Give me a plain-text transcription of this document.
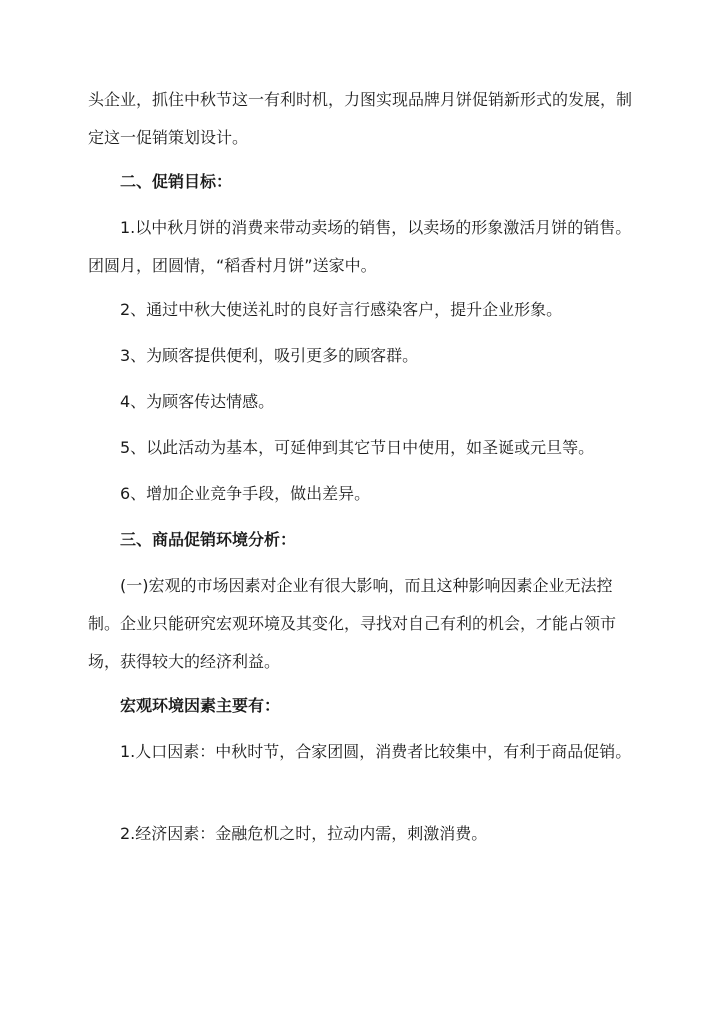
头企业，抓住中秋节这一有利时机，力图实现品牌月饼促销新形式的发展，制定这一促销策划设计。
二、促销目标：
1.以中秋月饼的消费来带动卖场的销售，以卖场的形象激活月饼的销售。团圆月，团圆情，“稻香村月饼”送家中。
2、通过中秋大使送礼时的良好言行感染客户，提升企业形象。
3、为顾客提供便利，吸引更多的顾客群。
4、为顾客传达情感。
5、以此活动为基本，可延伸到其它节日中使用，如圣诞或元旦等。
6、增加企业竞争手段，做出差异。
三、商品促销环境分析：
(一)宏观的市场因素对企业有很大影响，而且这种影响因素企业无法控制。企业只能研究宏观环境及其变化，寻找对自己有利的机会，才能占领市场，获得较大的经济利益。
宏观环境因素主要有：
1.人口因素：中秋时节，合家团圆，消费者比较集中，有利于商品促销。
2.经济因素：金融危机之时，拉动内需，刺激消费。
